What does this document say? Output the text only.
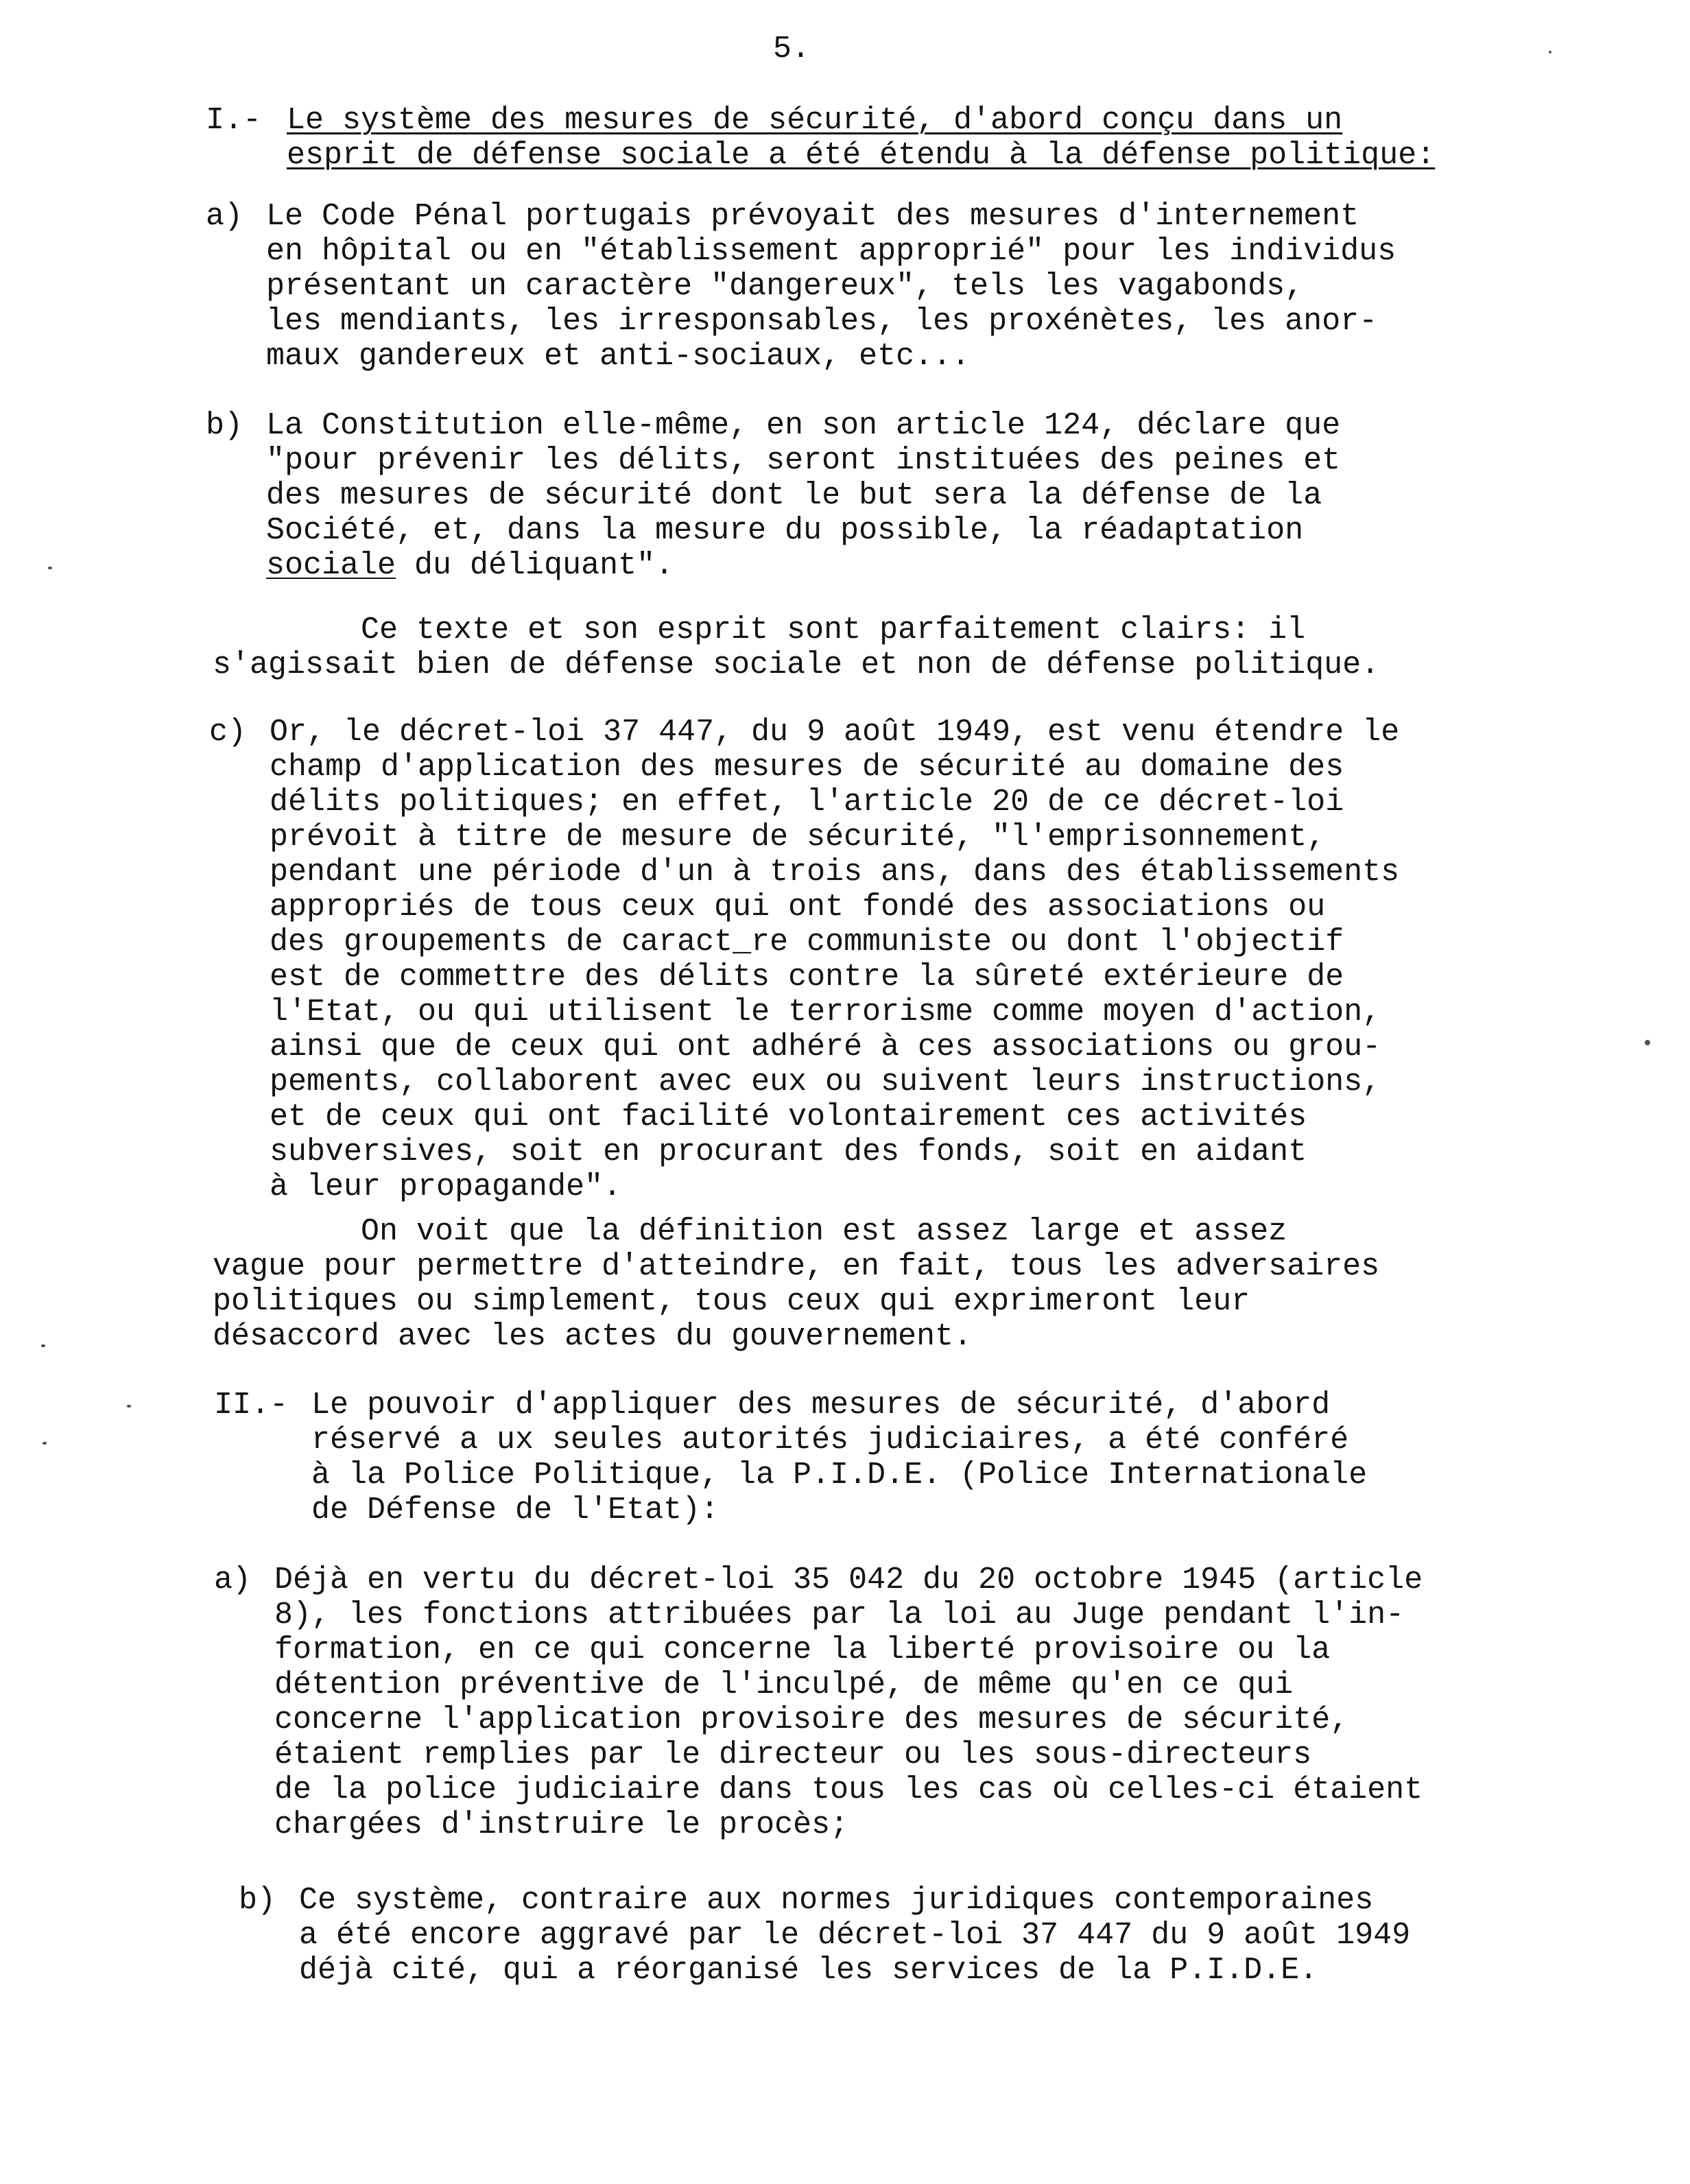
5.
I.- Le système des mesures de sécurité, d'abord conçu dans un
esprit de défense sociale a été étendu à la défense politique:
a) Le Code Pénal portugais prévoyait des mesures d'internement
en hôpital ou en "établissement approprié" pour les individus
présentant un caractère "dangereux", tels les vagabonds,
les mendiants, les irresponsables, les proxénètes, les anor-
maux gandereux et anti-sociaux, etc...
b) La Constitution elle-même, en son article 124, déclare que
"pour prévenir les délits, seront instituées des peines et
des mesures de sécurité dont le but sera la défense de la
Société, et, dans la mesure du possible, la réadaptation
sociale du déliquant".
Ce texte et son esprit sont parfaitement clairs: il
s'agissait bien de défense sociale et non de défense politique.
c) Or, le décret-loi 37 447, du 9 août 1949, est venu étendre le
champ d'application des mesures de sécurité au domaine des
délits politiques; en effet, l'article 20 de ce décret-loi
prévoit à titre de mesure de sécurité, "l'emprisonnement,
pendant une période d'un à trois ans, dans des établissements
appropriés de tous ceux qui ont fondé des associations ou
des groupements de caract_re communiste ou dont l'objectif
est de commettre des délits contre la sûreté extérieure de
l'Etat, ou qui utilisent le terrorisme comme moyen d'action,
ainsi que de ceux qui ont adhéré à ces associations ou grou-
pements, collaborent avec eux ou suivent leurs instructions,
et de ceux qui ont facilité volontairement ces activités
subversives, soit en procurant des fonds, soit en aidant
à leur propagande".
On voit que la définition est assez large et assez
vague pour permettre d'atteindre, en fait, tous les adversaires
politiques ou simplement, tous ceux qui exprimeront leur
désaccord avec les actes du gouvernement.
II.- Le pouvoir d'appliquer des mesures de sécurité, d'abord
réservé a ux seules autorités judiciaires, a été conféré
à la Police Politique, la P.I.D.E. (Police Internationale
de Défense de l'Etat):
a) Déjà en vertu du décret-loi 35 042 du 20 octobre 1945 (article
8), les fonctions attribuées par la loi au Juge pendant l'in-
formation, en ce qui concerne la liberté provisoire ou la
détention préventive de l'inculpé, de même qu'en ce qui
concerne l'application provisoire des mesures de sécurité,
étaient remplies par le directeur ou les sous-directeurs
de la police judiciaire dans tous les cas où celles-ci étaient
chargées d'instruire le procès;
b) Ce système, contraire aux normes juridiques contemporaines
a été encore aggravé par le décret-loi 37 447 du 9 août 1949
déjà cité, qui a réorganisé les services de la P.I.D.E.
